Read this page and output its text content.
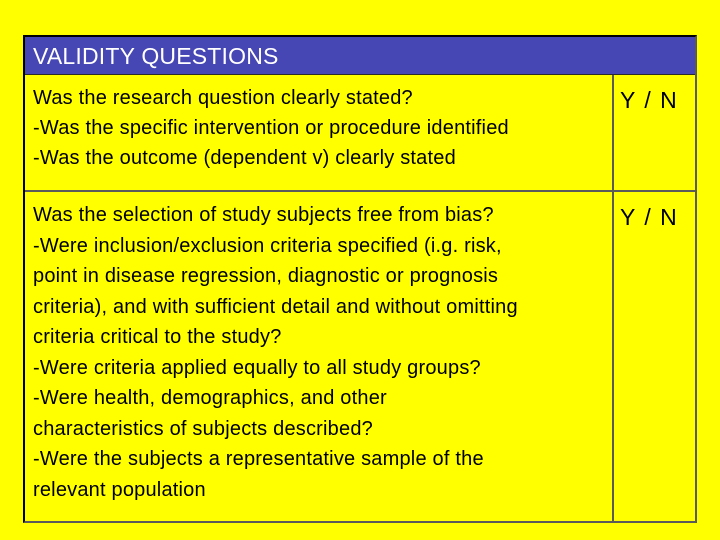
VALIDITY QUESTIONS
Was the research question clearly stated?
-Was the specific intervention or procedure identified
-Was the outcome (dependent v) clearly stated
Y / N
Was the selection of study subjects free from bias?
-Were inclusion/exclusion criteria specified (i.g. risk,
point in disease regression, diagnostic or prognosis
criteria), and with sufficient detail and without omitting
criteria critical to the study?
-Were criteria applied equally to all study groups?
-Were health, demographics, and other
characteristics of subjects described?
-Were the subjects a representative sample of the
relevant population
Y / N
